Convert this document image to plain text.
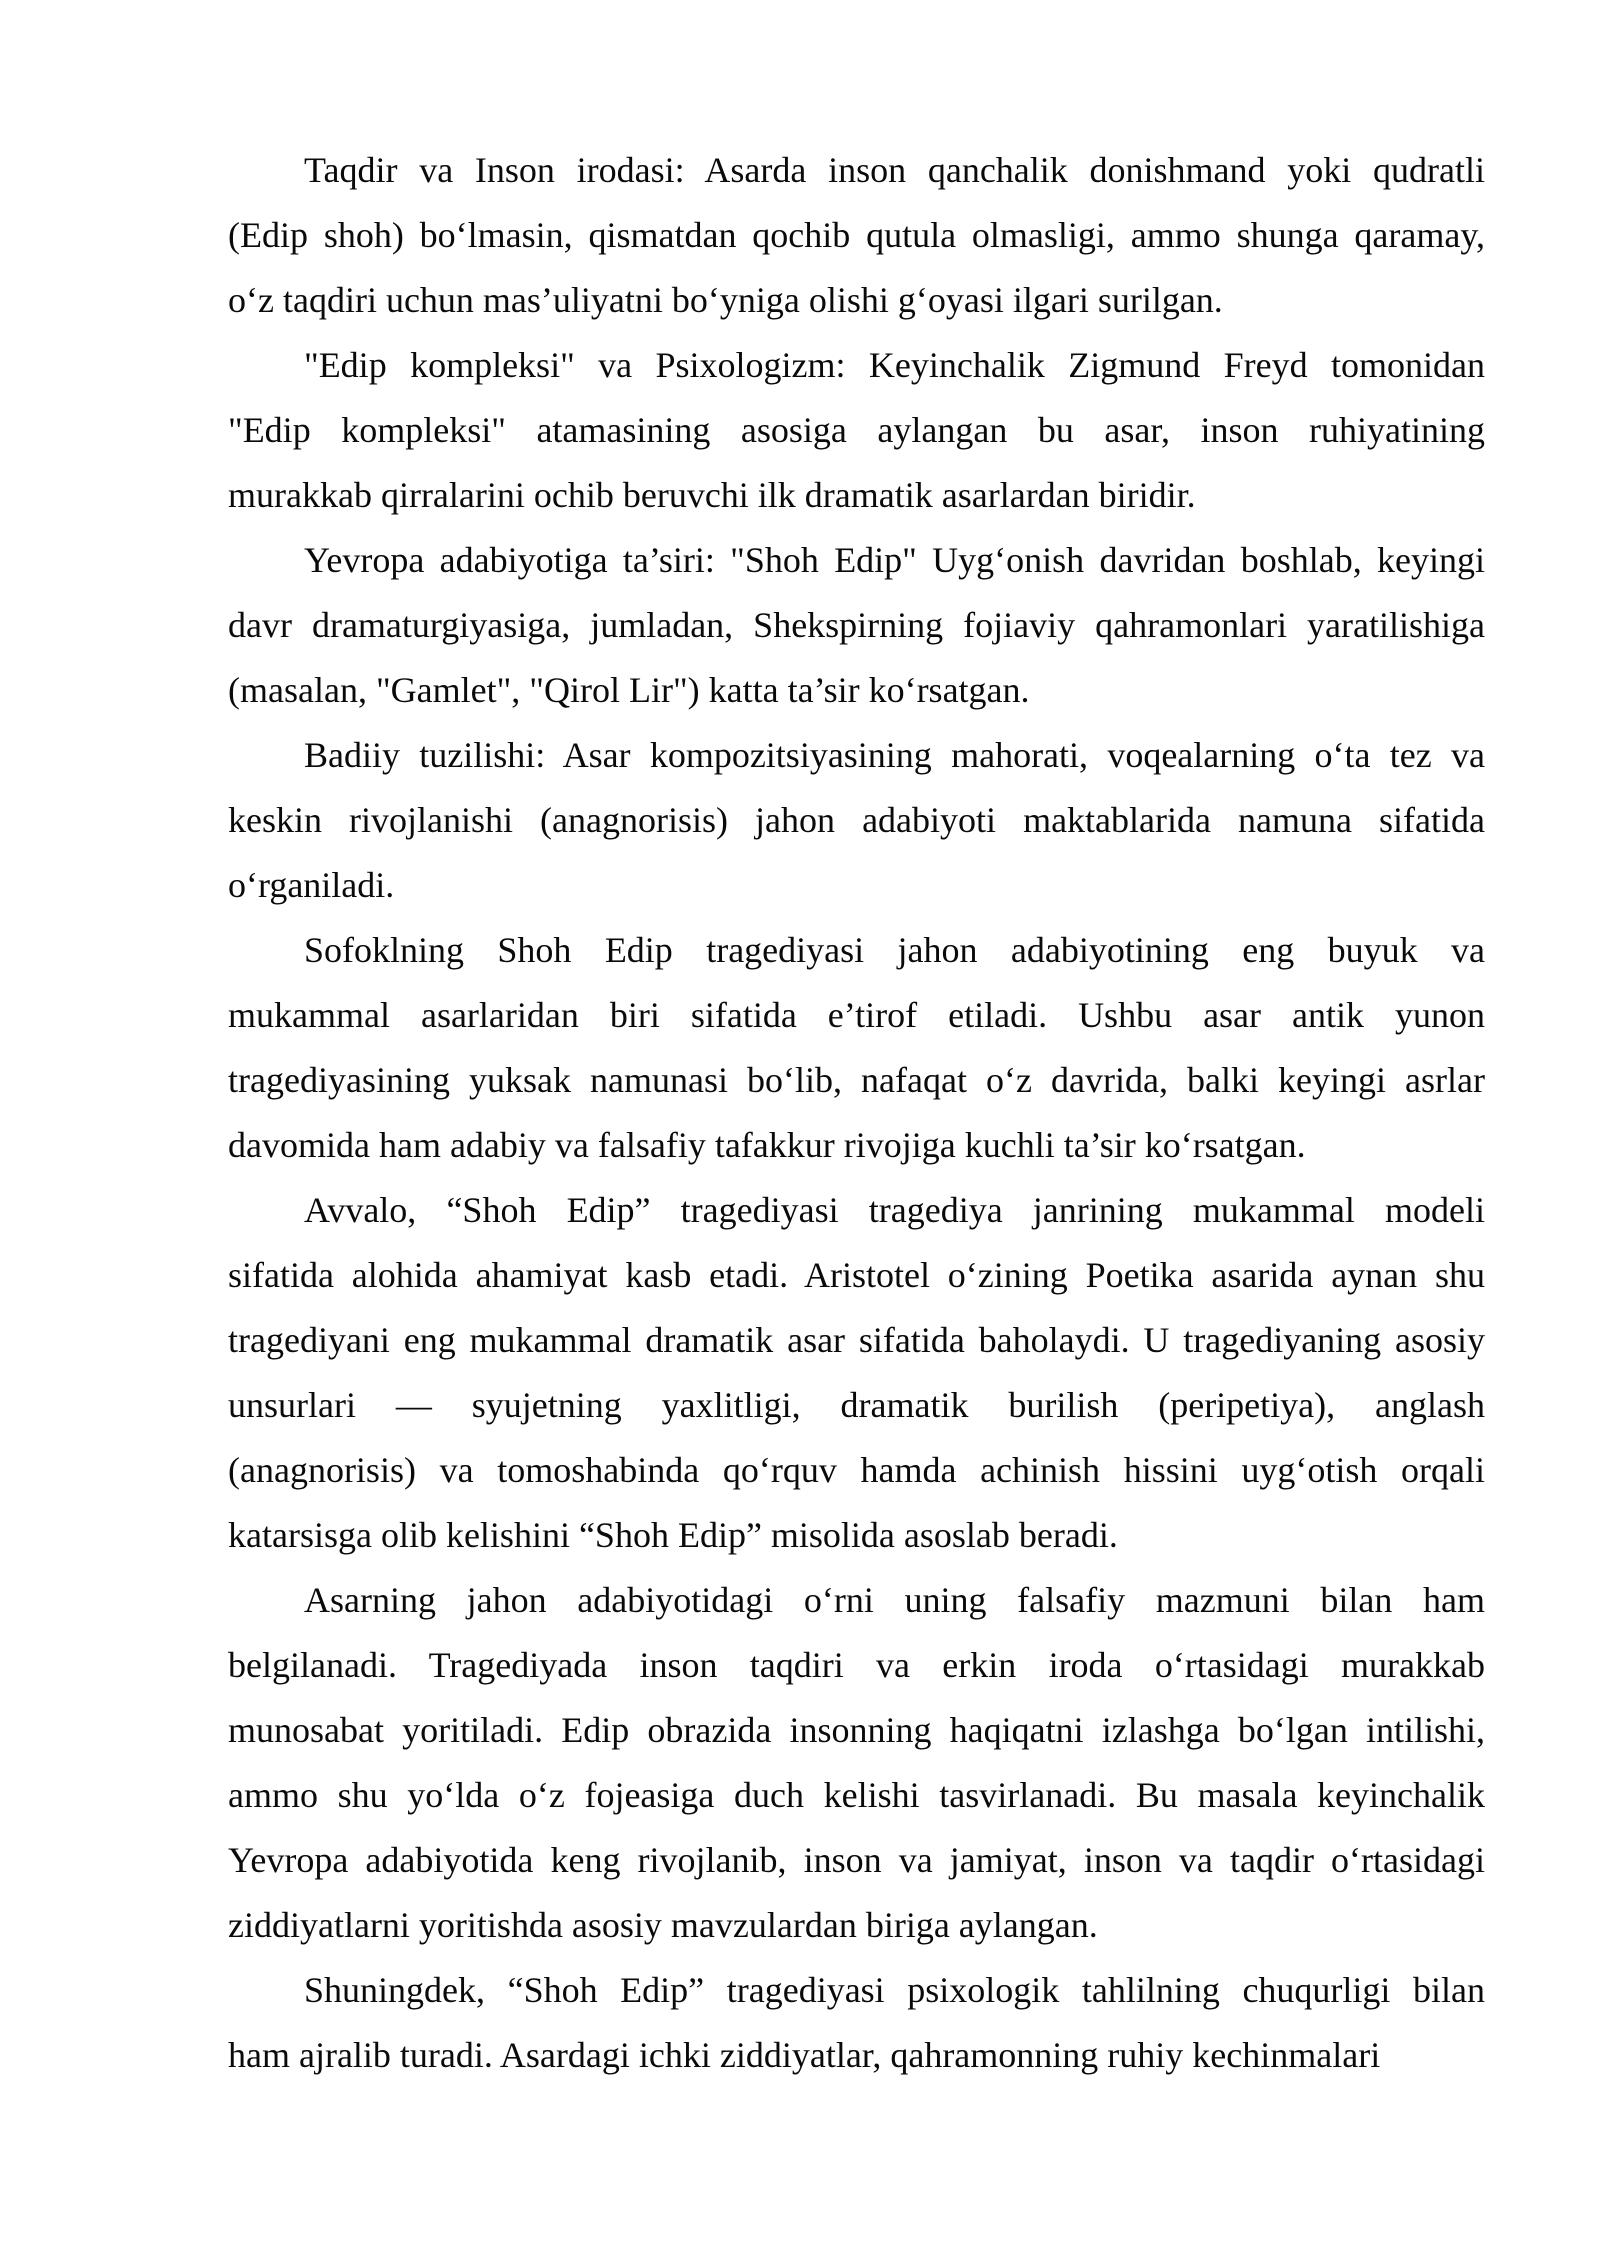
Taqdir va Inson irodasi: Asarda inson qanchalik donishmand yoki qudratli
(Edip shoh) bo‘lmasin, qismatdan qochib qutula olmasligi, ammo shunga qaramay,
o‘z taqdiri uchun mas’uliyatni bo‘yniga olishi g‘oyasi ilgari surilgan.
"Edip kompleksi" va Psixologizm: Keyinchalik Zigmund Freyd tomonidan
"Edip kompleksi" atamasining asosiga aylangan bu asar, inson ruhiyatining
murakkab qirralarini ochib beruvchi ilk dramatik asarlardan biridir.
Yevropa adabiyotiga ta’siri: "Shoh Edip" Uyg‘onish davridan boshlab, keyingi
davr dramaturgiyasiga, jumladan, Shekspirning fojiaviy qahramonlari yaratilishiga
(masalan, "Gamlet", "Qirol Lir") katta ta’sir ko‘rsatgan.
Badiiy tuzilishi: Asar kompozitsiyasining mahorati, voqealarning o‘ta tez va
keskin rivojlanishi (anagnorisis) jahon adabiyoti maktablarida namuna sifatida
o‘rganiladi.
Sofoklning Shoh Edip tragediyasi jahon adabiyotining eng buyuk va
mukammal asarlaridan biri sifatida e’tirof etiladi. Ushbu asar antik yunon
tragediyasining yuksak namunasi bo‘lib, nafaqat o‘z davrida, balki keyingi asrlar
davomida ham adabiy va falsafiy tafakkur rivojiga kuchli ta’sir ko‘rsatgan.
Avvalo, “Shoh Edip” tragediyasi tragediya janrining mukammal modeli
sifatida alohida ahamiyat kasb etadi. Aristotel o‘zining Poetika asarida aynan shu
tragediyani eng mukammal dramatik asar sifatida baholaydi. U tragediyaning asosiy
unsurlari — syujetning yaxlitligi, dramatik burilish (peripetiya), anglash
(anagnorisis) va tomoshabinda qo‘rquv hamda achinish hissini uyg‘otish orqali
katarsisga olib kelishini “Shoh Edip” misolida asoslab beradi.
Asarning jahon adabiyotidagi o‘rni uning falsafiy mazmuni bilan ham
belgilanadi. Tragediyada inson taqdiri va erkin iroda o‘rtasidagi murakkab
munosabat yoritiladi. Edip obrazida insonning haqiqatni izlashga bo‘lgan intilishi,
ammo shu yo‘lda o‘z fojeasiga duch kelishi tasvirlanadi. Bu masala keyinchalik
Yevropa adabiyotida keng rivojlanib, inson va jamiyat, inson va taqdir o‘rtasidagi
ziddiyatlarni yoritishda asosiy mavzulardan biriga aylangan.
Shuningdek, “Shoh Edip” tragediyasi psixologik tahlilning chuqurligi bilan
ham ajralib turadi. Asardagi ichki ziddiyatlar, qahramonning ruhiy kechinmalari
